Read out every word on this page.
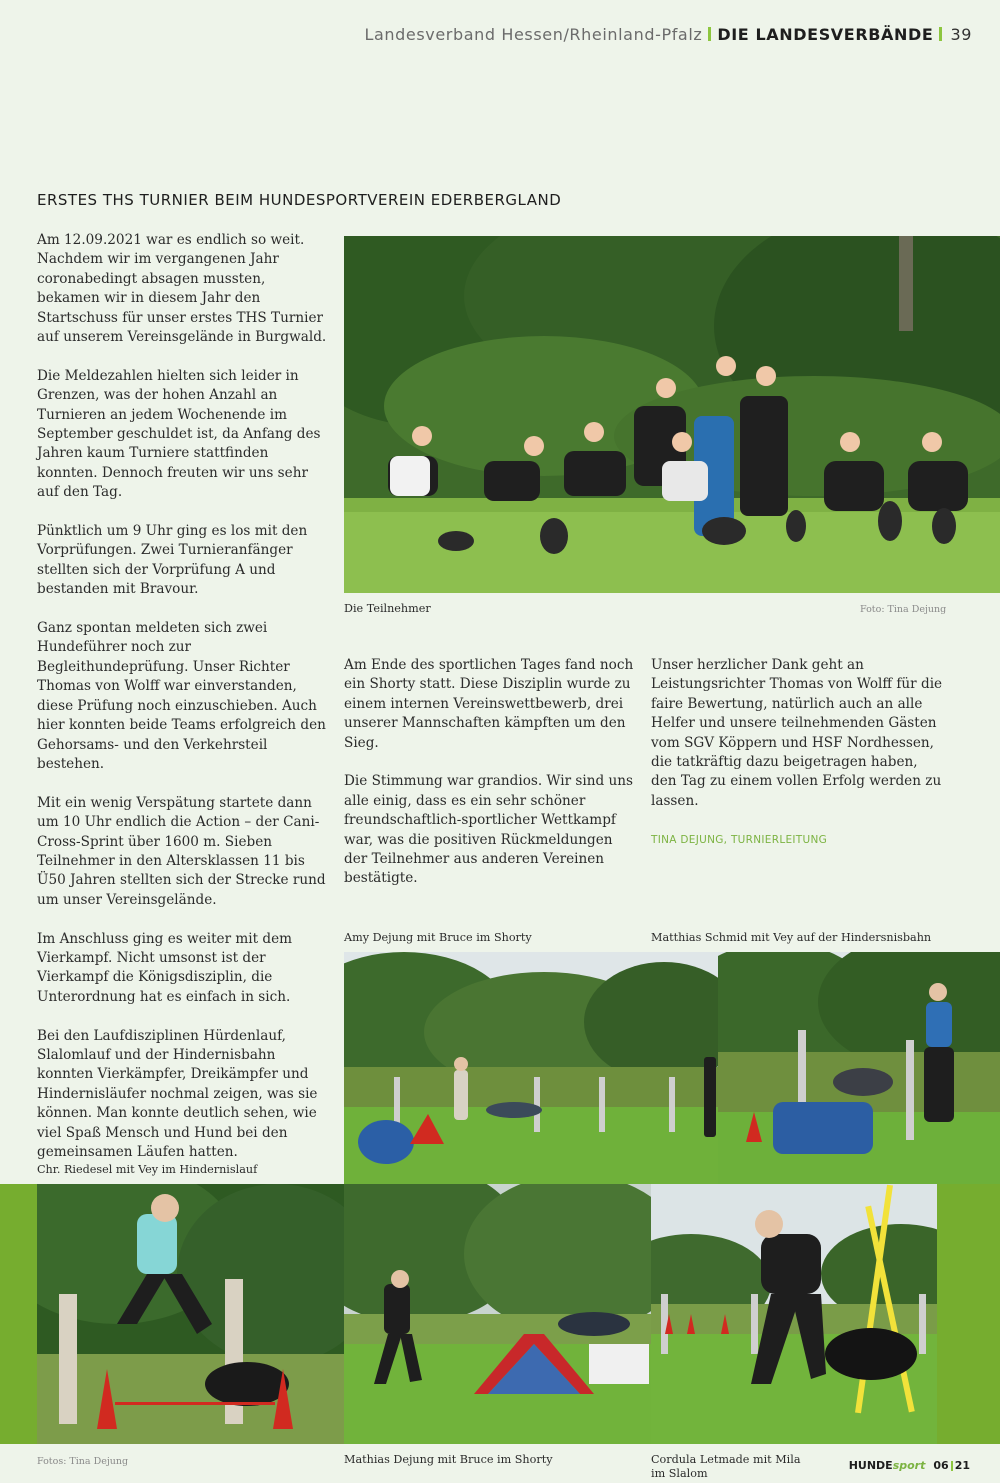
Landesverband Hessen/Rheinland-Pfalz DIE LANDESVERBÄNDE 39
ERSTES THS TURNIER BEIM HUNDESPORTVEREIN EDERBERGLAND

Am 12.09.2021 war es endlich so weit. Nachdem wir im vergangenen Jahr coronabedingt absagen mussten, bekamen wir in diesem Jahr den Startschuss für unser erstes THS Turnier auf unserem Vereinsgelände in Burgwald.

Die Meldezahlen hielten sich leider in Grenzen, was der hohen Anzahl an Turnieren an jedem Wochenende im September geschuldet ist, da Anfang des Jahren kaum Turniere stattfinden konnten. Dennoch freuten wir uns sehr auf den Tag.

Pünktlich um 9 Uhr ging es los mit den Vorprüfungen. Zwei Turnieranfänger stellten sich der Vorprüfung A und bestanden mit Bravour.

Ganz spontan meldeten sich zwei Hundeführer noch zur Begleithundeprüfung. Unser Richter Thomas von Wolff war einverstanden, diese Prüfung noch einzuschieben. Auch hier konnten beide Teams erfolgreich den Gehorsams- und den Verkehrsteil bestehen.

Mit ein wenig Verspätung startete dann um 10 Uhr endlich die Action – der Cani-Cross-Sprint über 1600 m. Sieben Teilnehmer in den Altersklassen 11 bis Ü50 Jahren stellten sich der Strecke rund um unser Vereinsgelände.

Im Anschluss ging es weiter mit dem Vierkampf. Nicht umsonst ist der Vierkampf die Königsdisziplin, die Unterordnung hat es einfach in sich.

Bei den Laufdisziplinen Hürdenlauf, Slalomlauf und der Hindernisbahn konnten Vierkämpfer, Dreikämpfer und Hindernisläufer nochmal zeigen, was sie können. Man konnte deutlich sehen, wie viel Spaß Mensch und Hund bei den gemeinsamen Läufen hatten.

Die Teilnehmer	Foto: Tina Dejung

Am Ende des sportlichen Tages fand noch ein Shorty statt. Diese Disziplin wurde zu einem internen Vereinswettbewerb, drei unserer Mannschaften kämpften um den Sieg.

Die Stimmung war grandios. Wir sind uns alle einig, dass es ein sehr schöner freundschaftlich-sportlicher Wettkampf war, was die positiven Rückmeldungen der Teilnehmer aus anderen Vereinen bestätigte.

Unser herzlicher Dank geht an Leistungsrichter Thomas von Wolff für die faire Bewertung, natürlich auch an alle Helfer und unsere teilnehmenden Gästen vom SGV Köppern und HSF Nordhessen, die tatkräftig dazu beigetragen haben, den Tag zu einem vollen Erfolg werden zu lassen.

TINA DEJUNG, TURNIERLEITUNG

Amy Dejung mit Bruce im Shorty	Matthias Schmid mit Vey auf der Hindersnisbahn
Chr. Riedesel mit Vey im Hindernislauf
Fotos: Tina Dejung	Mathias Dejung mit Bruce im Shorty	Cordula Letmade mit Mila
im Slalom
HUNDE sport 06 21
